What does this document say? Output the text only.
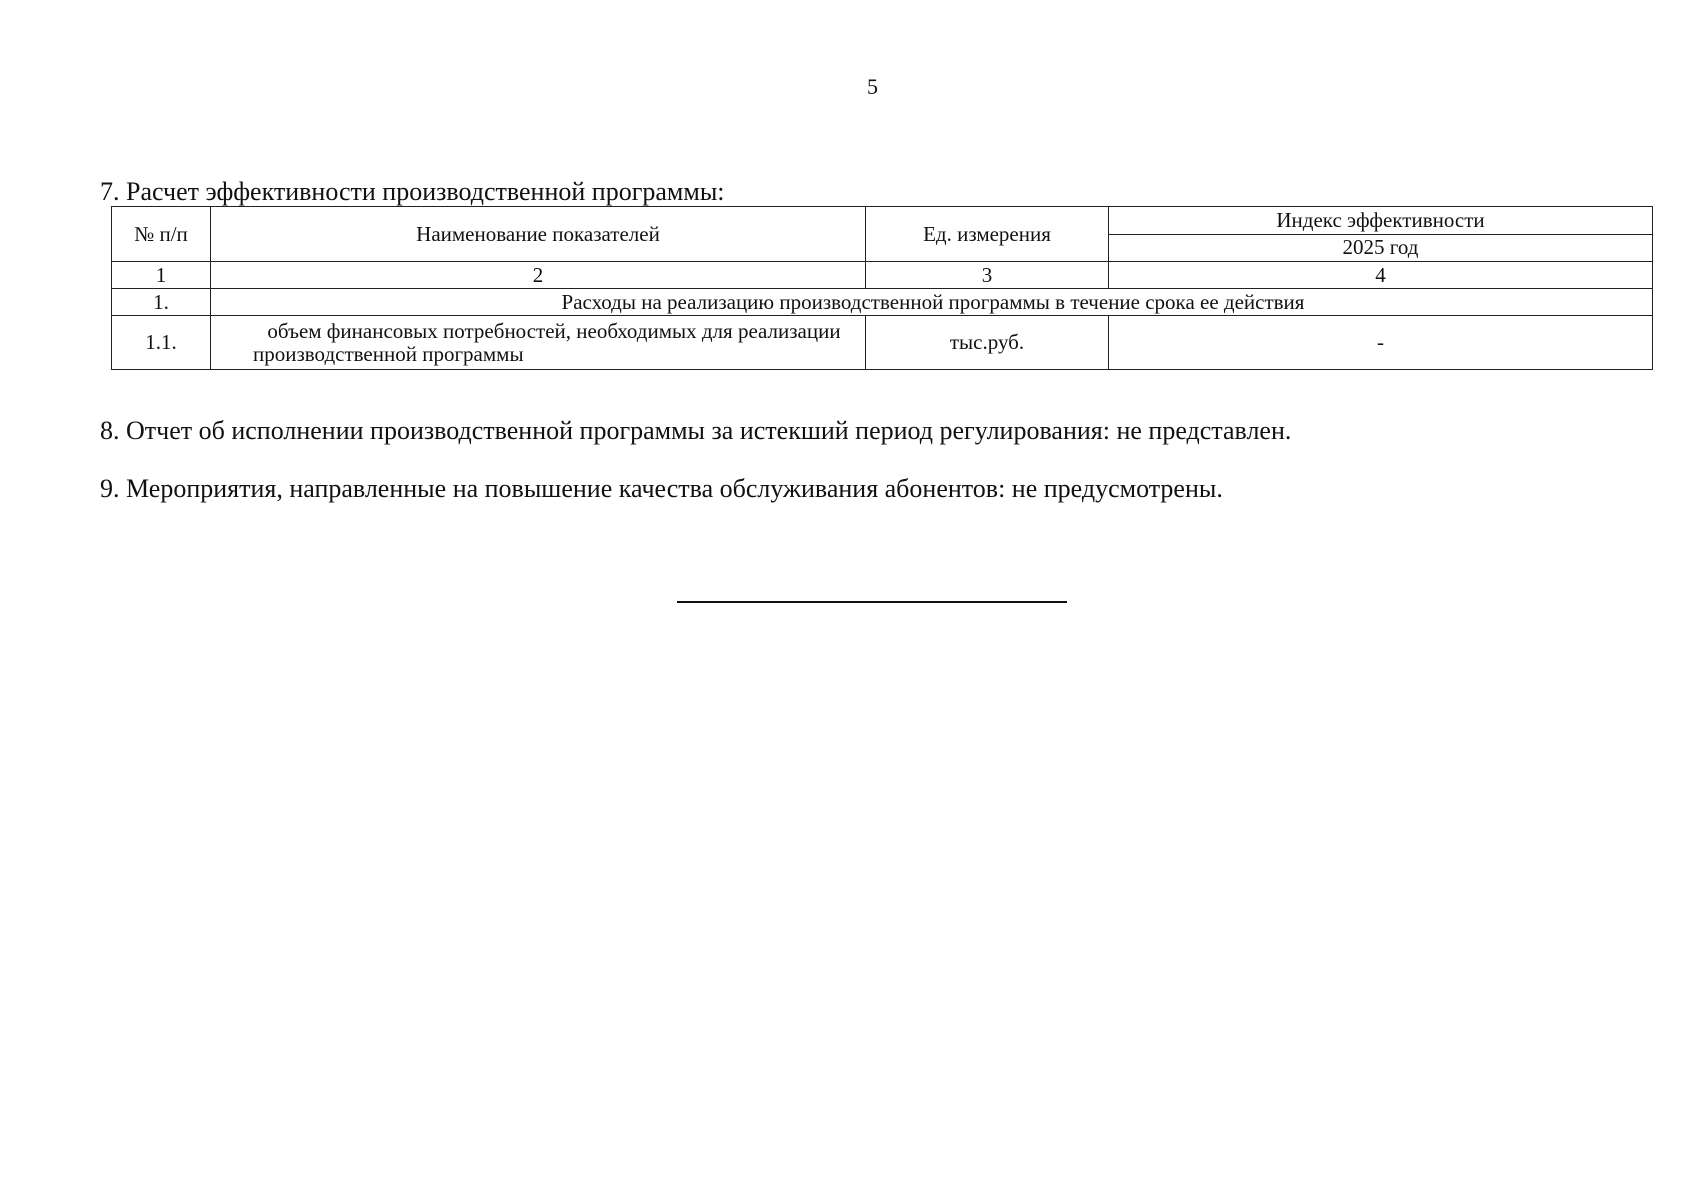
5
7. Расчет эффективности производственной программы:
№ п/п	Наименование показателей	Ед. измерения	Индекс эффективности
			2025 год
1	2	3	4
1.	Расходы на реализацию производственной программы в течение срока ее действия		
1.1.	объем финансовых потребностей, необходимых для реализации производственной программы	тыс.руб.	-
8. Отчет об исполнении производственной программы за истекший период регулирования: не представлен.
9. Мероприятия, направленные на повышение качества обслуживания абонентов: не предусмотрены.
